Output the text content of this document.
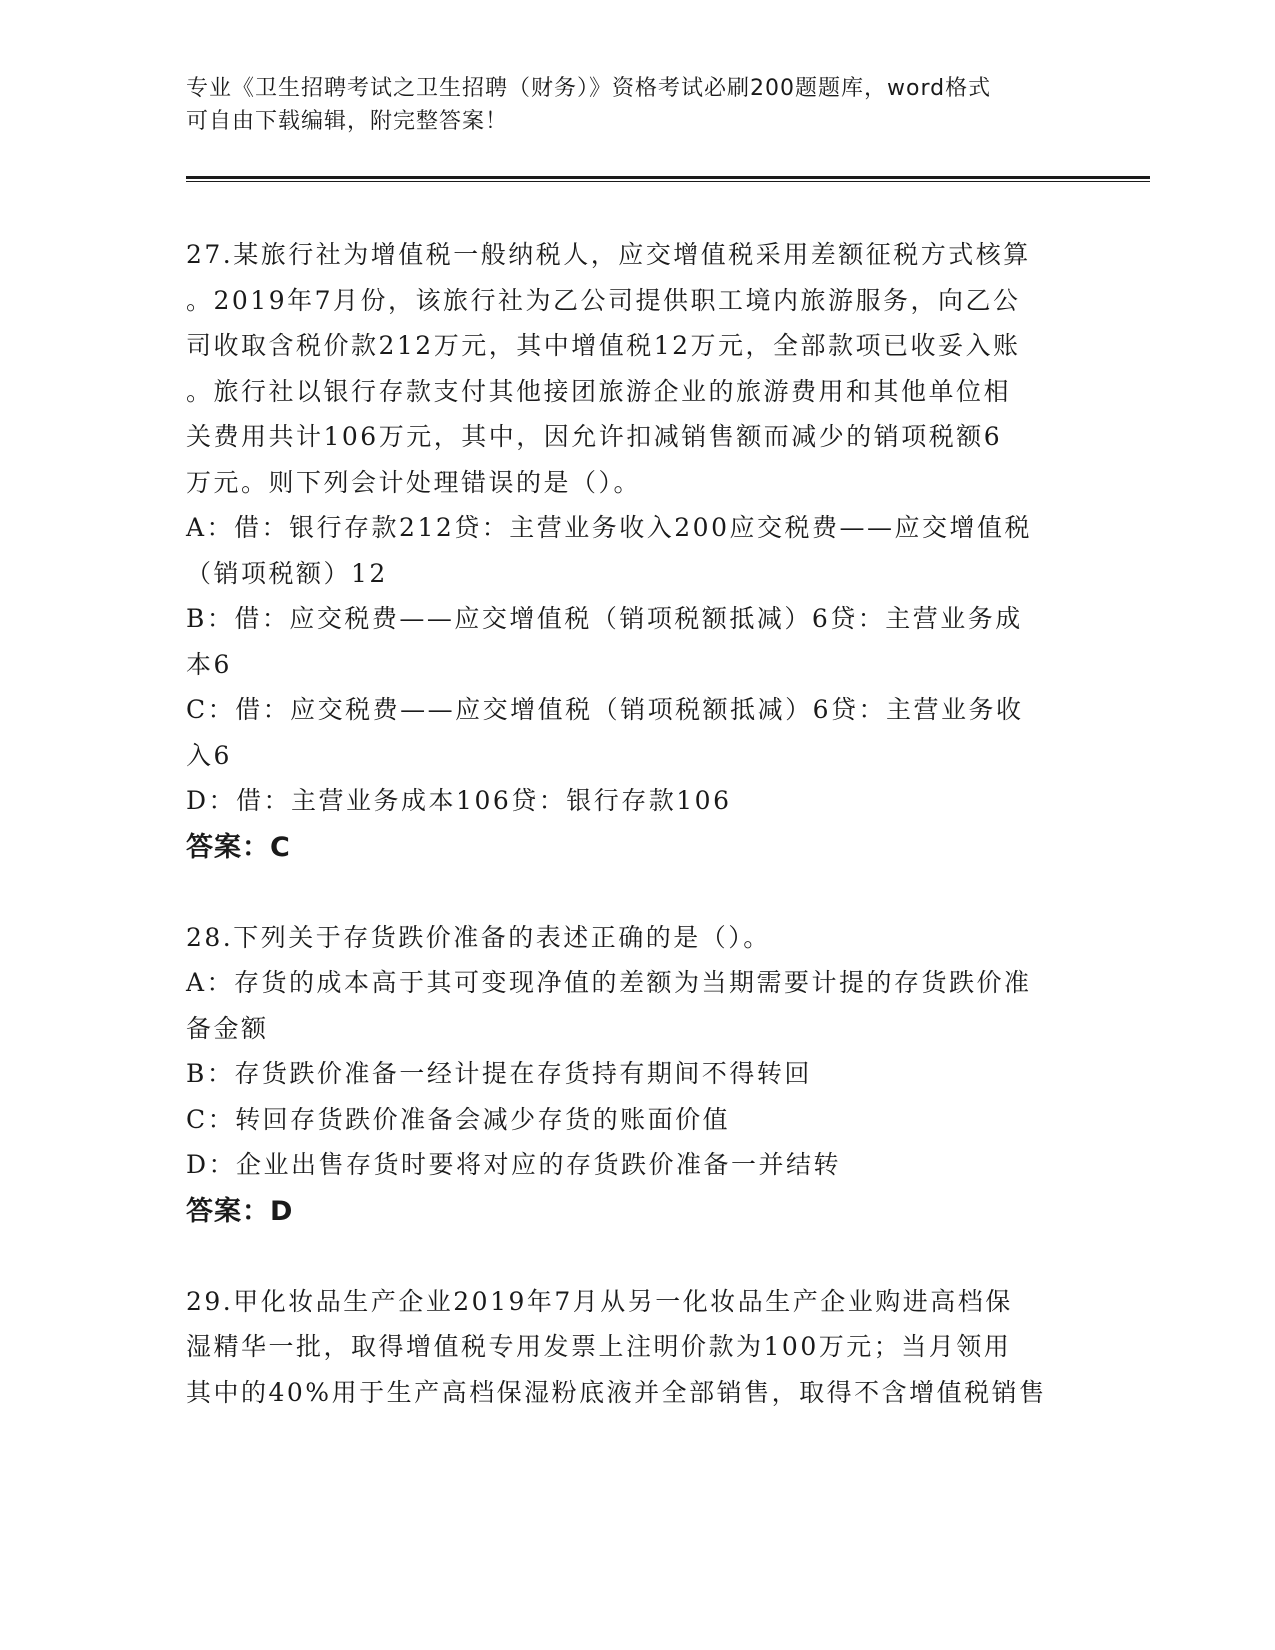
专业《卫生招聘考试之卫生招聘（财务）》资格考试必刷200题题库，word格式
可自由下载编辑，附完整答案！

27.某旅行社为增值税一般纳税人，应交增值税采用差额征税方式核算

。2019年7月份，该旅行社为乙公司提供职工境内旅游服务，向乙公

司收取含税价款212万元，其中增值税12万元，全部款项已收妥入账

。旅行社以银行存款支付其他接团旅游企业的旅游费用和其他单位相

关费用共计106万元，其中，因允许扣减销售额而减少的销项税额6

万元。则下列会计处理错误的是（）。

A：借：银行存款212贷：主营业务收入200应交税费——应交增值税

（销项税额）12

B：借：应交税费——应交增值税（销项税额抵减）6贷：主营业务成

本6

C：借：应交税费——应交增值税（销项税额抵减）6贷：主营业务收

入6

D：借：主营业务成本106贷：银行存款106

答案：C

28.下列关于存货跌价准备的表述正确的是（）。

A：存货的成本高于其可变现净值的差额为当期需要计提的存货跌价准

备金额

B：存货跌价准备一经计提在存货持有期间不得转回

C：转回存货跌价准备会减少存货的账面价值

D：企业出售存货时要将对应的存货跌价准备一并结转

答案：D

29.甲化妆品生产企业2019年7月从另一化妆品生产企业购进高档保

湿精华一批，取得增值税专用发票上注明价款为100万元；当月领用

其中的40%用于生产高档保湿粉底液并全部销售，取得不含增值税销售
